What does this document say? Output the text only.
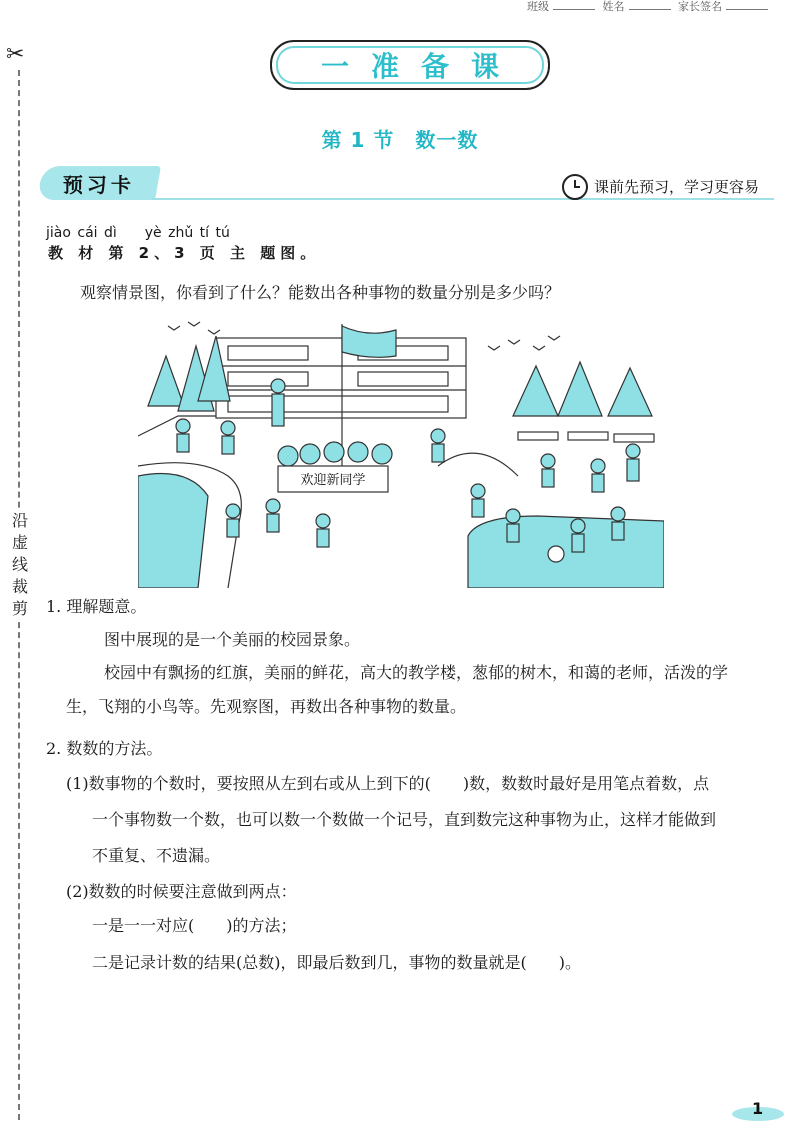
班级	姓名	家长签名
✂
沿虚线裁剪
一准备课
第 1 节　数一数
预习卡	课前先预习，学习更容易
jiào cái dì　　yè zhǔ tí tú
教 材 第 2、3 页 主 题图。
观察情景图，你看到了什么？能数出各种事物的数量分别是多少吗？
欢迎新同学
1. 理解题意。
图中展现的是一个美丽的校园景象。
校园中有飘扬的红旗，美丽的鲜花，高大的教学楼，葱郁的树木，和蔼的老师，活泼的学
生，飞翔的小鸟等。先观察图，再数出各种事物的数量。
2. 数数的方法。
(1)数事物的个数时，要按照从左到右或从上到下的(　　)数，数数时最好是用笔点着数，点
一个事物数一个数，也可以数一个数做一个记号，直到数完这种事物为止，这样才能做到
不重复、不遗漏。
(2)数数的时候要注意做到两点：
一是一一对应(　　)的方法；
二是记录计数的结果(总数)，即最后数到几，事物的数量就是(　　)。
1
